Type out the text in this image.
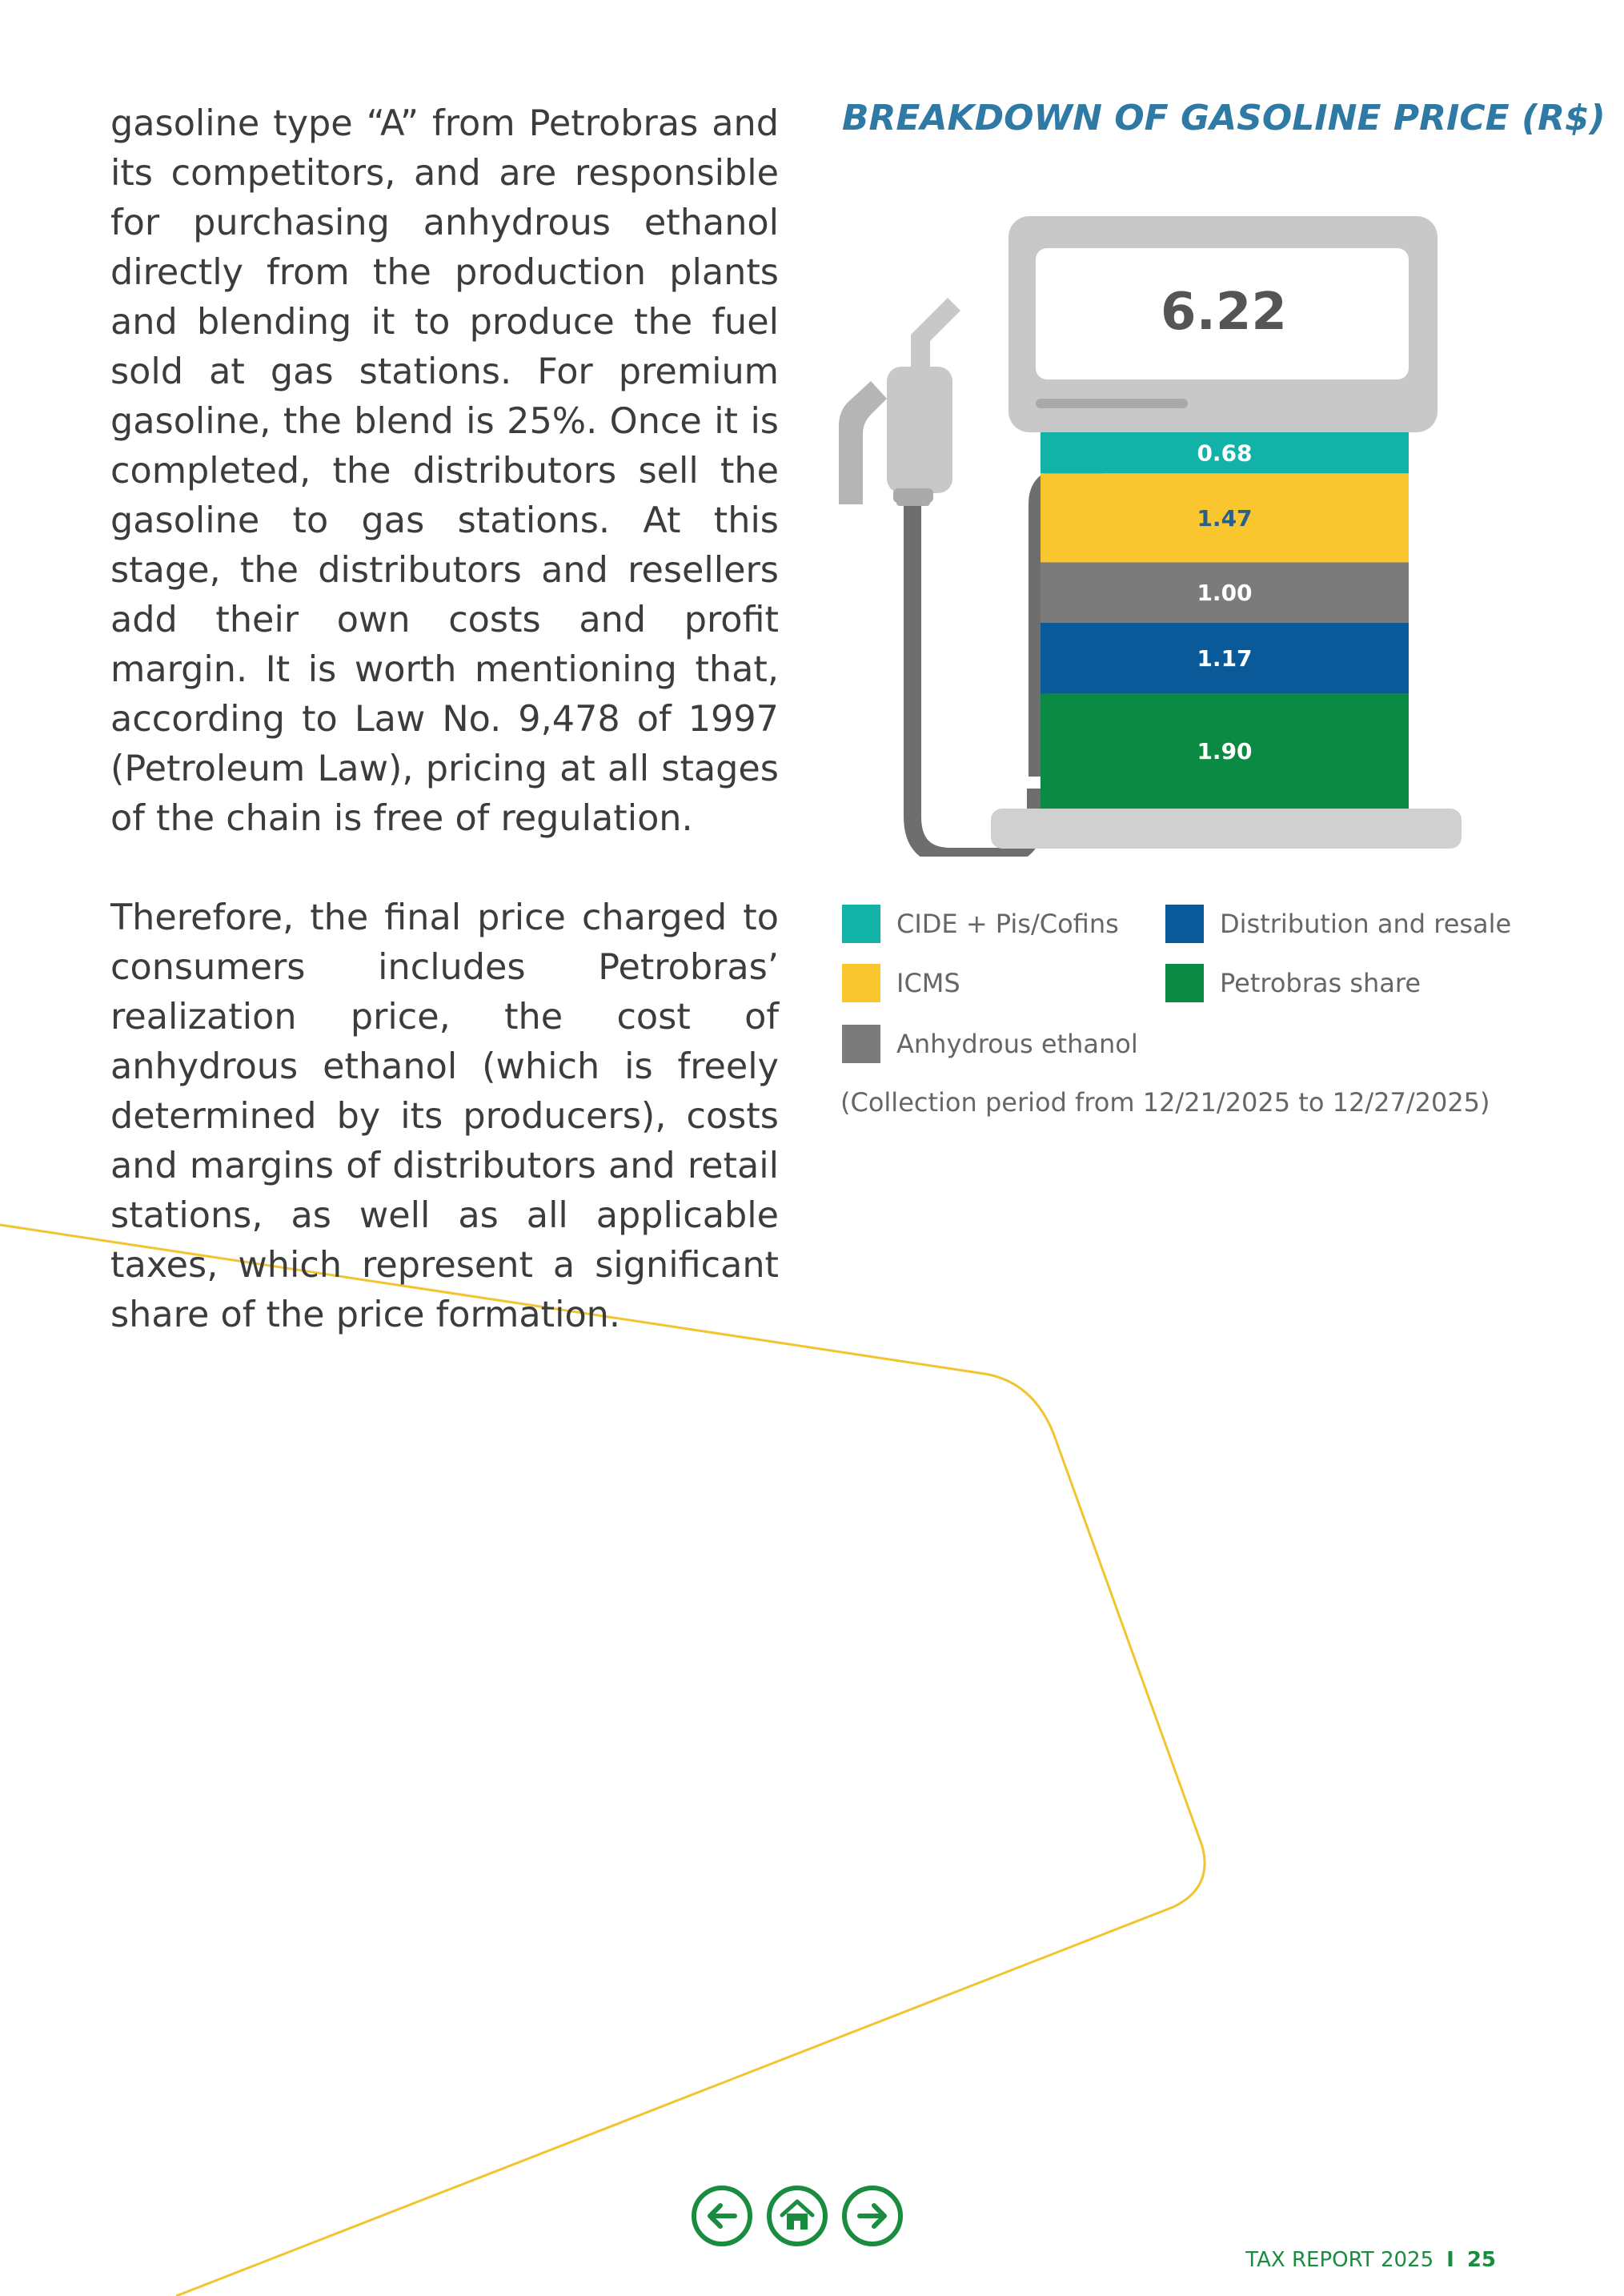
gasoline type “A” from Petrobras and its competitors, and are responsible for purchasing anhydrous ethanol directly from the production plants and blending it to produce the fuel sold at gas stations. For premium gasoline, the blend is 25%. Once it is completed, the distributors sell the gasoline to gas stations. At this stage, the distributors and resellers add their own costs and profit margin. It is worth mentioning that, according to Law No. 9,478 of 1997 (Petroleum Law), pricing at all stages of the chain is free of regulation.

Therefore, the final price charged to consumers includes Petrobras’ realization price, the cost of anhydrous ethanol (which is freely determined by its producers), costs and margins of distributors and retail stations, as well as all applicable taxes, which represent a significant share of the price formation.

BREAKDOWN OF GASOLINE PRICE (R$)
6.22
0.68
1.47
1.00
1.17
1.90
CIDE + Pis/Cofins	Distribution and resale
ICMS	Petrobras share
Anhydrous ethanol
(Collection period from 12/21/2025 to 12/27/2025)
TAX REPORT 2025 I 25
